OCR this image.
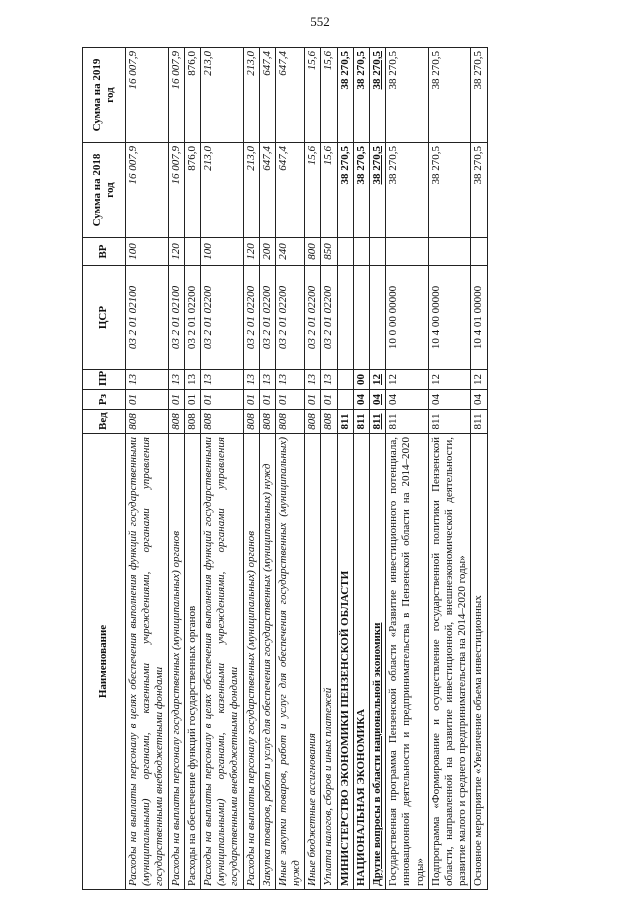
552
Наименование	Вед	Рз	ПР	ЦСР	ВР	Сумма на 2018 год	Сумма на 2019 год
Расходы на выплаты персоналу в целях обеспечения выполнения функций государственными (муниципальными) органами, казенными учреждениями, органами управления государственными внебюджетными фондами	808	01	13	03 2 01 02100	100	16 007,9	16 007,9
Расходы на выплаты персоналу государственных (муниципальных) органов	808	01	13	03 2 01 02100	120	16 007,9	16 007,9
Расходы на обеспечение функций государственных органов	808	01	13	03 2 01 02200		876,0	876,0
Расходы на выплаты персоналу в целях обеспечения выполнения функций государственными (муниципальными) органами, казенными учреждениями, органами управления государственными внебюджетными фондами	808	01	13	03 2 01 02200	100	213,0	213,0
Расходы на выплаты персоналу государственных (муниципальных) органов	808	01	13	03 2 01 02200	120	213,0	213,0
Закупка товаров, работ и услуг для обеспечения государственных (муниципальных) нужд	808	01	13	03 2 01 02200	200	647,4	647,4
Иные закупки товаров, работ и услуг для обеспечения государственных (муниципальных) нужд	808	01	13	03 2 01 02200	240	647,4	647,4
Иные бюджетные ассигнования	808	01	13	03 2 01 02200	800	15,6	15,6
Уплата налогов, сборов и иных платежей	808	01	13	03 2 01 02200	850	15,6	15,6
МИНИСТЕРСТВО ЭКОНОМИКИ ПЕНЗЕНСКОЙ ОБЛАСТИ	811					38 270,5	38 270,5
НАЦИОНАЛЬНАЯ ЭКОНОМИКА	811	04	00			38 270,5	38 270,5
Другие вопросы в области национальной экономики	811	04	12			38 270,5	38 270,5
Государственная программа Пензенской области «Развитие инвестиционного потенциала, инновационной деятельности и предпринимательства в Пензенской области на 2014–2020 годы»	811	04	12	10 0 00 00000		38 270,5	38 270,5
Подпрограмма «Формирование и осуществление государственной политики Пензенской области, направленной на развитие инвестиционной, внешнеэкономической деятельности, развитие малого и среднего предпринимательства на 2014–2020 годы»	811	04	12	10 4 00 00000		38 270,5	38 270,5
Основное мероприятие «Увеличение объема инвестиционных	811	04	12	10 4 01 00000		38 270,5	38 270,5
